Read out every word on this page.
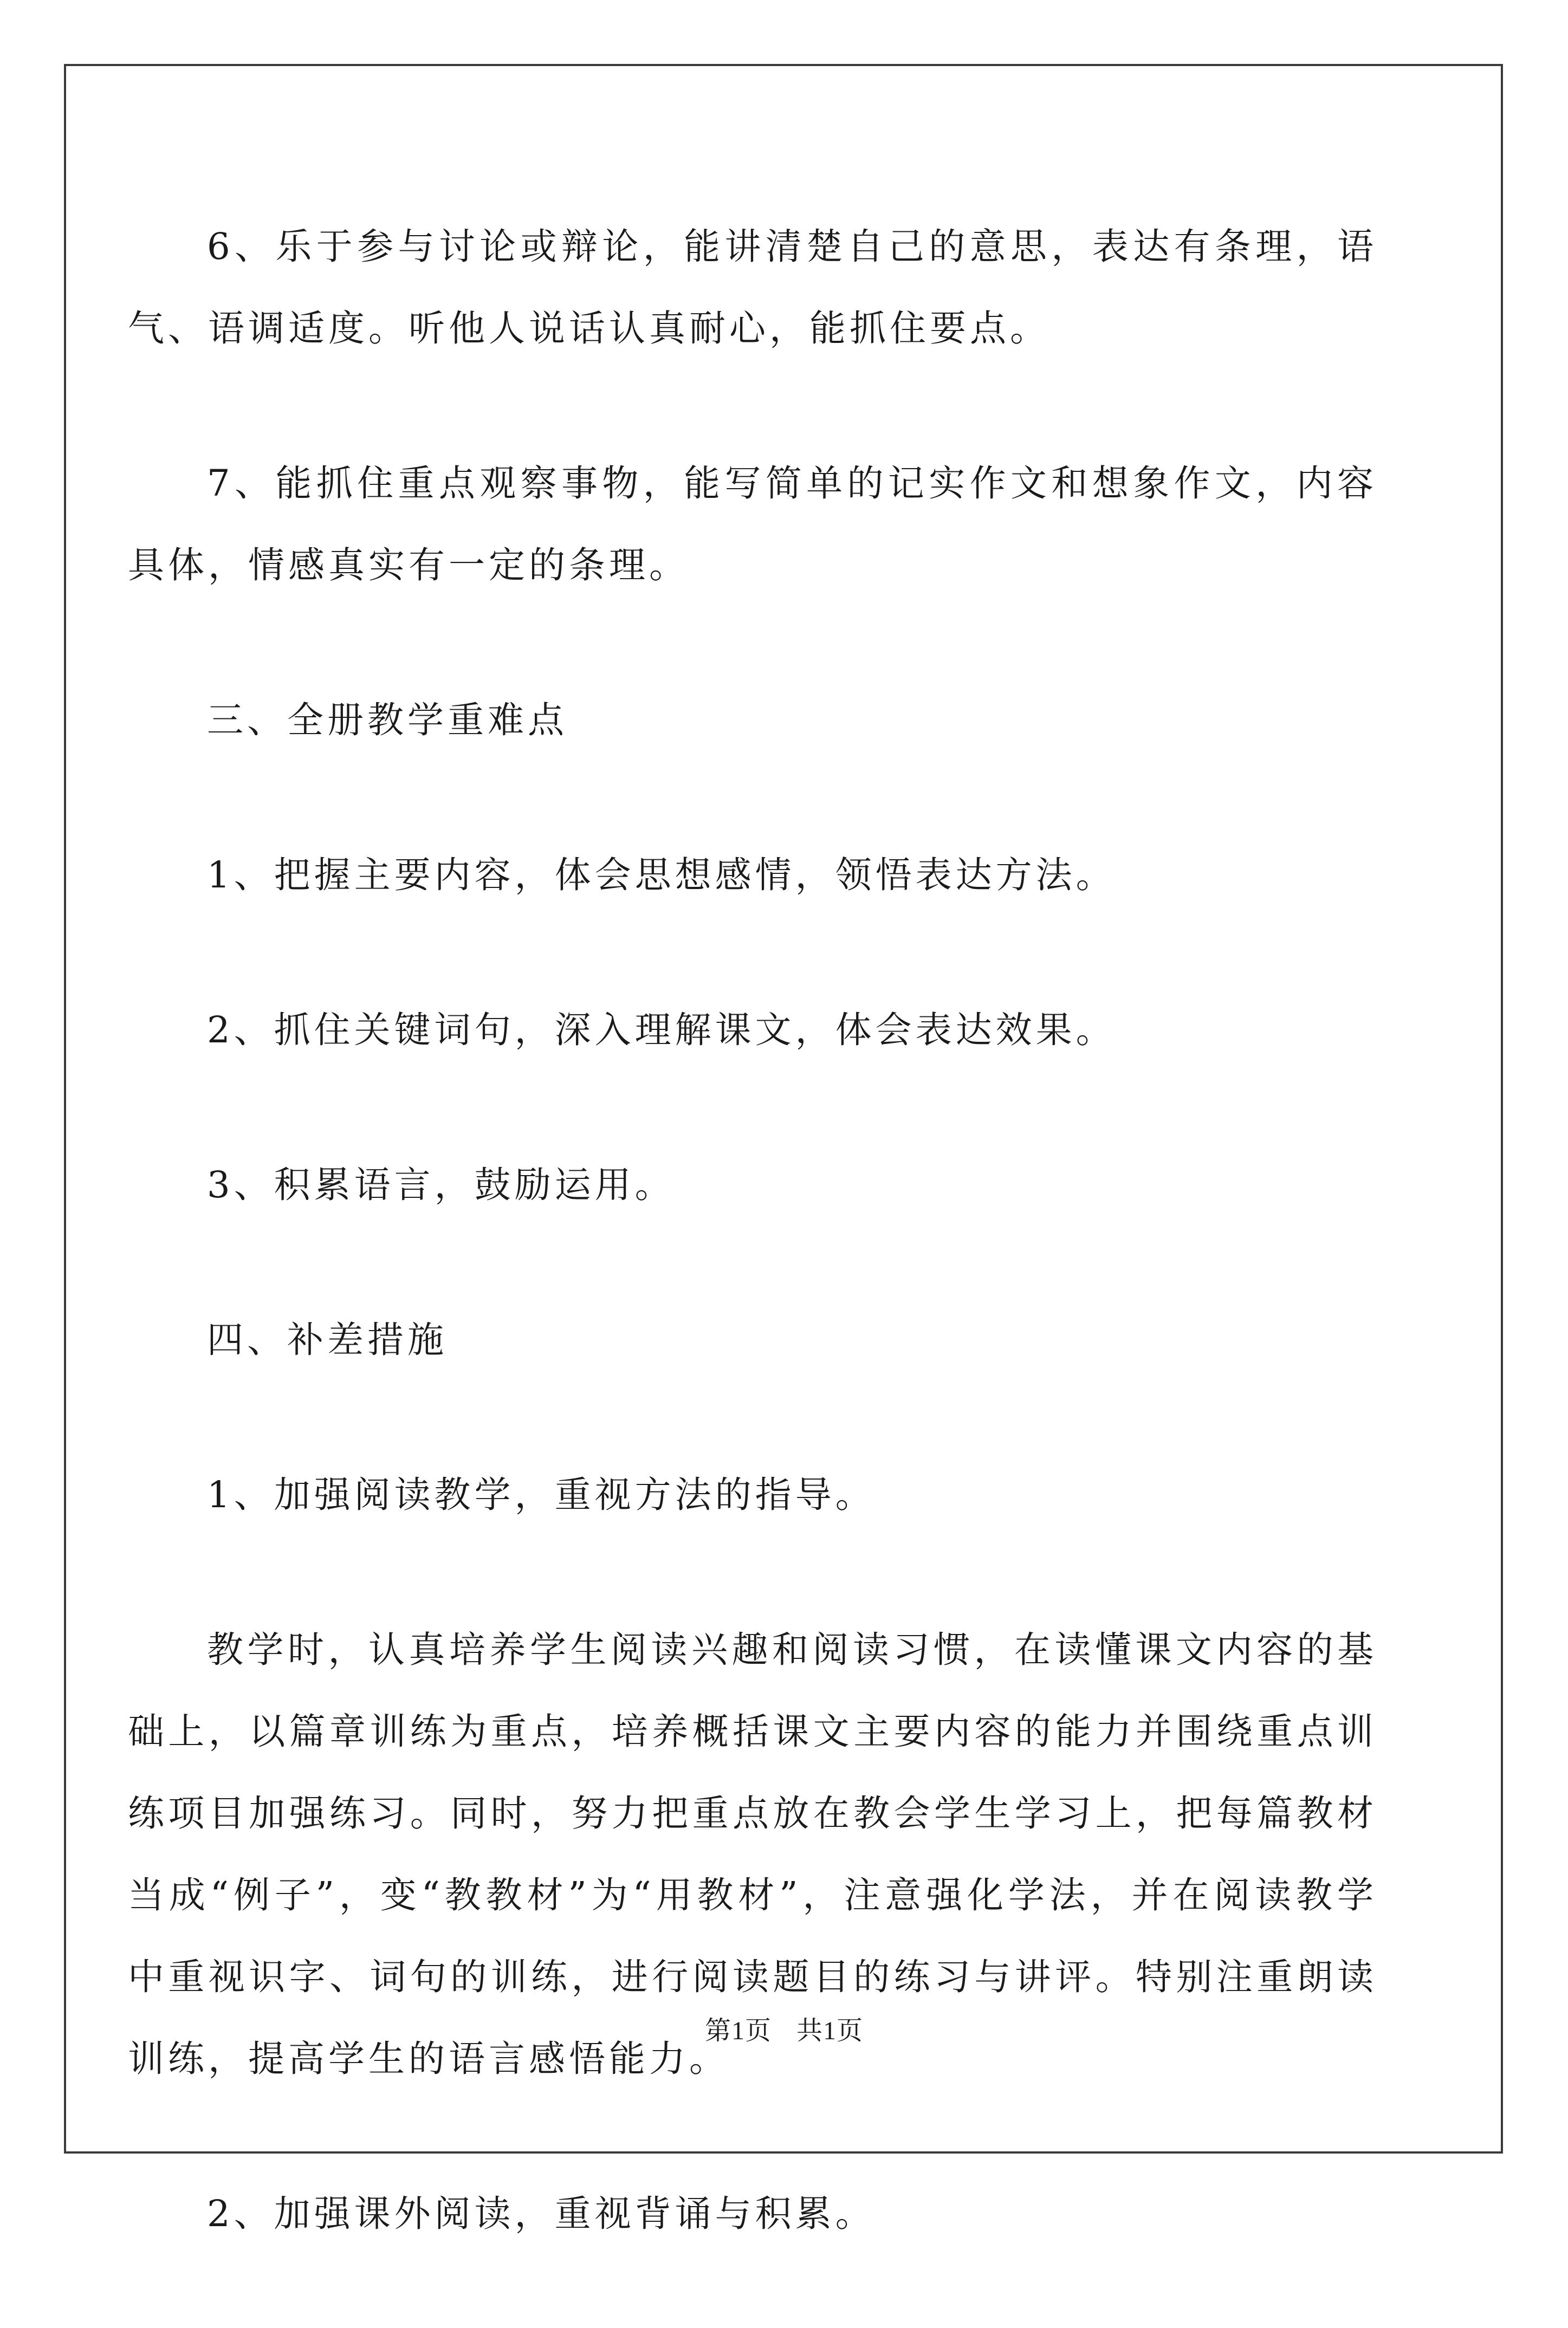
6、乐于参与讨论或辩论，能讲清楚自己的意思，表达有条理，语气、语调适度。听他人说话认真耐心，能抓住要点。

7、能抓住重点观察事物，能写简单的记实作文和想象作文，内容具体，情感真实有一定的条理。

三、全册教学重难点

1、把握主要内容，体会思想感情，领悟表达方法。

2、抓住关键词句，深入理解课文，体会表达效果。

3、积累语言，鼓励运用。

四、补差措施

1、加强阅读教学，重视方法的指导。

教学时，认真培养学生阅读兴趣和阅读习惯，在读懂课文内容的基础上，以篇章训练为重点，培养概括课文主要内容的能力并围绕重点训练项目加强练习。同时，努力把重点放在教会学生学习上，把每篇教材当成“例子”，变“教教材”为“用教材”，注意强化学法，并在阅读教学中重视识字、词句的训练，进行阅读题目的练习与讲评。特别注重朗读训练，提高学生的语言感悟能力。

2、加强课外阅读，重视背诵与积累。

第1页 共1页
